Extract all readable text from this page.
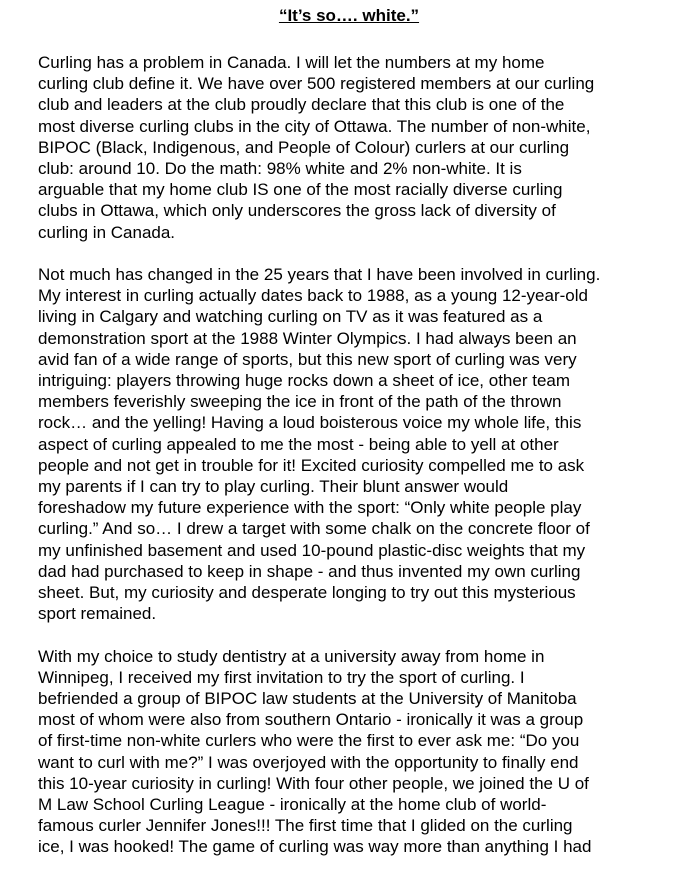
“It’s so…. white.”
Curling has a problem in Canada. I will let the numbers at my home
curling club define it. We have over 500 registered members at our curling
club and leaders at the club proudly declare that this club is one of the
most diverse curling clubs in the city of Ottawa. The number of non-white,
BIPOC (Black, Indigenous, and People of Colour) curlers at our curling
club: around 10. Do the math: 98% white and 2% non-white. It is
arguable that my home club IS one of the most racially diverse curling
clubs in Ottawa, which only underscores the gross lack of diversity of
curling in Canada.
Not much has changed in the 25 years that I have been involved in curling.
My interest in curling actually dates back to 1988, as a young 12-year-old
living in Calgary and watching curling on TV as it was featured as a
demonstration sport at the 1988 Winter Olympics. I had always been an
avid fan of a wide range of sports, but this new sport of curling was very
intriguing: players throwing huge rocks down a sheet of ice, other team
members feverishly sweeping the ice in front of the path of the thrown
rock… and the yelling! Having a loud boisterous voice my whole life, this
aspect of curling appealed to me the most - being able to yell at other
people and not get in trouble for it! Excited curiosity compelled me to ask
my parents if I can try to play curling. Their blunt answer would
foreshadow my future experience with the sport: “Only white people play
curling.” And so… I drew a target with some chalk on the concrete floor of
my unfinished basement and used 10-pound plastic-disc weights that my
dad had purchased to keep in shape - and thus invented my own curling
sheet. But, my curiosity and desperate longing to try out this mysterious
sport remained.
With my choice to study dentistry at a university away from home in
Winnipeg, I received my first invitation to try the sport of curling. I
befriended a group of BIPOC law students at the University of Manitoba
most of whom were also from southern Ontario - ironically it was a group
of first-time non-white curlers who were the first to ever ask me: “Do you
want to curl with me?” I was overjoyed with the opportunity to finally end
this 10-year curiosity in curling! With four other people, we joined the U of
M Law School Curling League - ironically at the home club of world-
famous curler Jennifer Jones!!! The first time that I glided on the curling
ice, I was hooked! The game of curling was way more than anything I had
